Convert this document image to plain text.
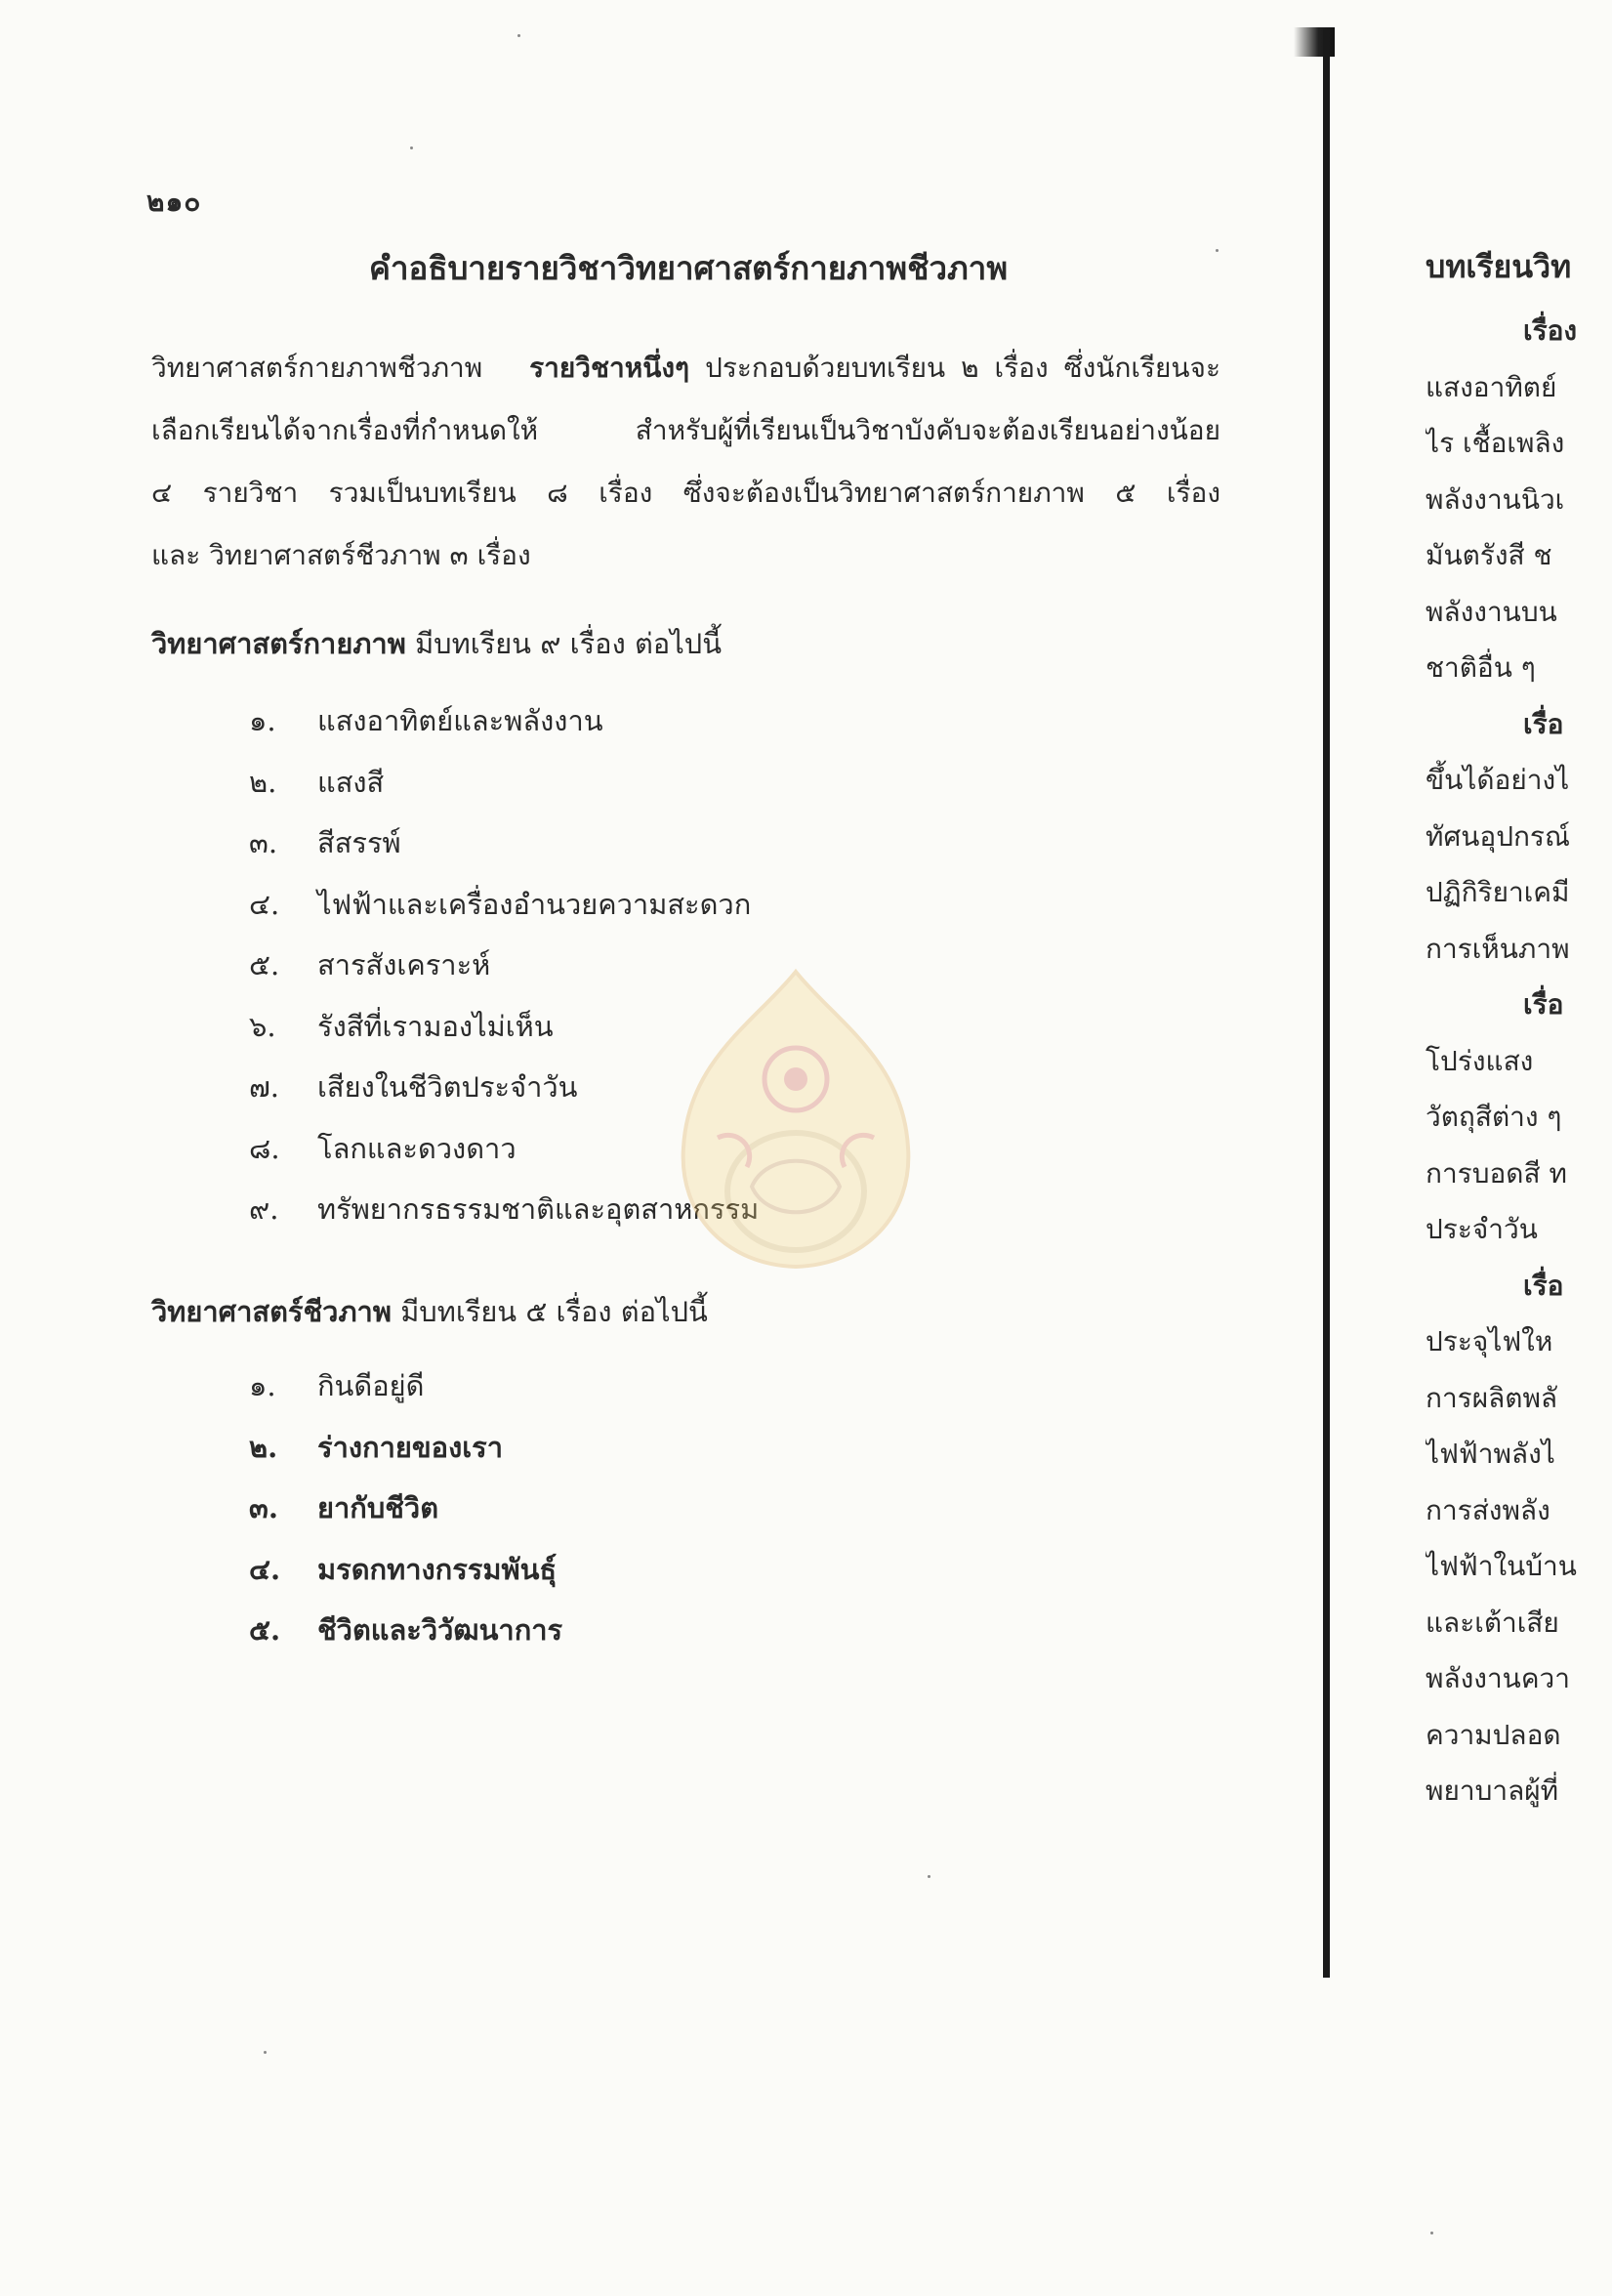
๒๑๐
คำอธิบายรายวิชาวิทยาศาสตร์กายภาพชีวภาพ
วิทยาศาสตร์กายภาพชีวภาพ รายวิชาหนึ่งๆ ประกอบด้วยบทเรียน ๒ เรื่อง ซึ่งนักเรียนจะ
เลือกเรียนได้จากเรื่องที่กำหนดให้ สำหรับผู้ที่เรียนเป็นวิชาบังคับจะต้องเรียนอย่างน้อย
๔ รายวิชา รวมเป็นบทเรียน ๘ เรื่อง ซึ่งจะต้องเป็นวิทยาศาสตร์กายภาพ ๕ เรื่อง
และ วิทยาศาสตร์ชีวภาพ ๓ เรื่อง
วิทยาศาสตร์กายภาพ มีบทเรียน ๙ เรื่อง ต่อไปนี้
๑. แสงอาทิตย์และพลังงาน
๒. แสงสี
๓. สีสรรพ์
๔. ไฟฟ้าและเครื่องอำนวยความสะดวก
๕. สารสังเคราะห์
๖. รังสีที่เรามองไม่เห็น
๗. เสียงในชีวิตประจำวัน
๘. โลกและดวงดาว
๙. ทรัพยากรธรรมชาติและอุตสาหกรรม
วิทยาศาสตร์ชีวภาพ มีบทเรียน ๕ เรื่อง ต่อไปนี้
๑. กินดีอยู่ดี
๒. ร่างกายของเรา
๓. ยากับชีวิต
๔. มรดกทางกรรมพันธุ์
๕. ชีวิตและวิวัฒนาการ
บทเรียนวิท
เรื่อง
แสงอาทิตย์
ไร เชื้อเพลิง
พลังงานนิวเ
มันตรังสี ช
พลังงานบน
ชาติอื่น ๆ
เรื่อ
ขึ้นได้อย่างไ
ทัศนอุปกรณ์
ปฏิกิริยาเคมี
การเห็นภาพ
เรื่อ
โปร่งแสง
วัตถุสีต่าง ๆ
การบอดสี ท
ประจำวัน
เรื่อ
ประจุไฟให
การผลิตพลั
ไฟฟ้าพลังไ
การส่งพลัง
ไฟฟ้าในบ้าน
และเต้าเสีย
พลังงานควา
ความปลอด
พยาบาลผู้ที่
